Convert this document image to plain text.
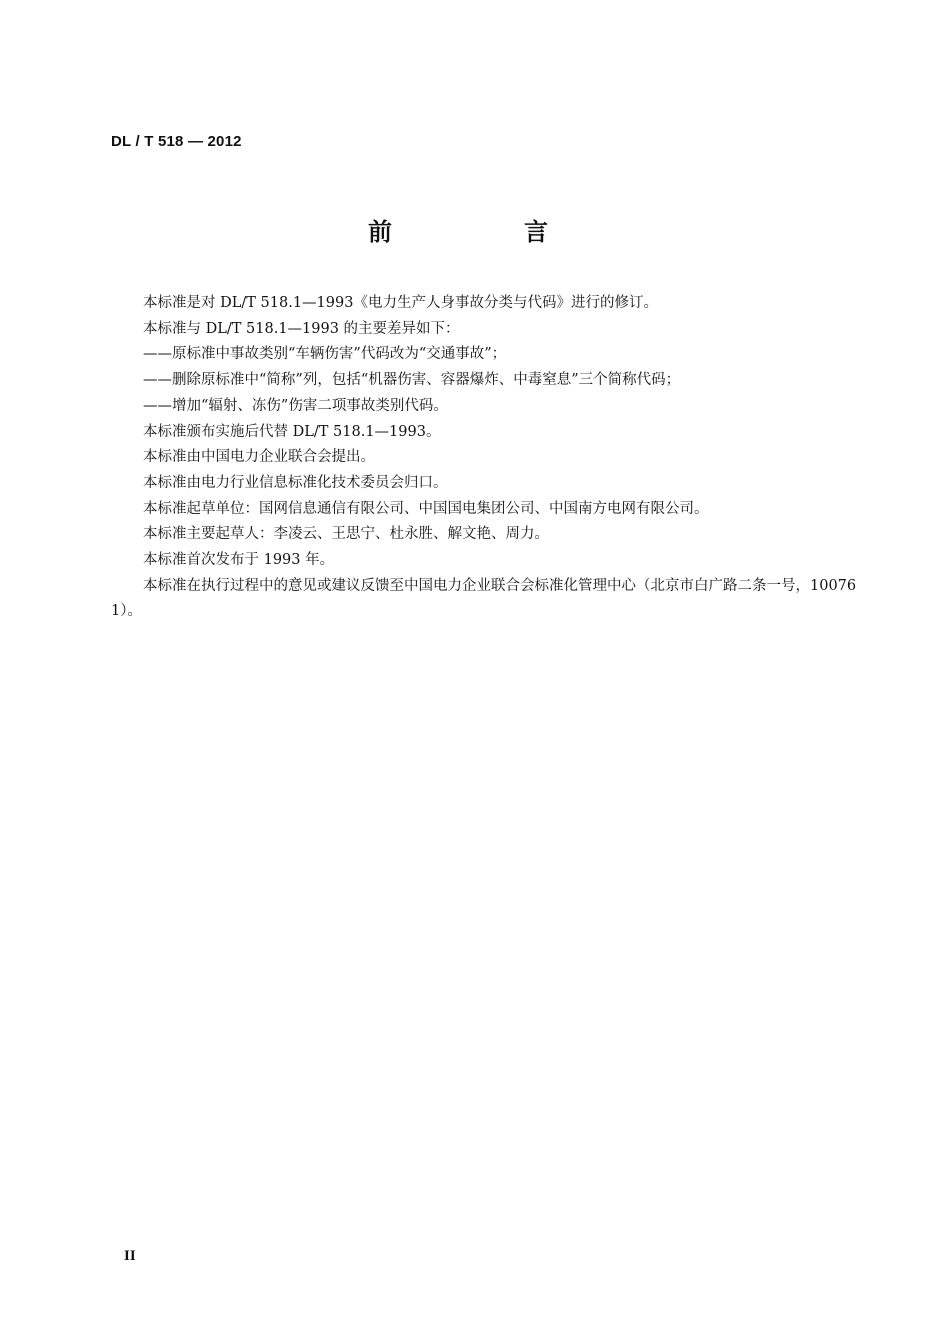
DL / T 518 — 2012
前　言

本标准是对 DL/T 518.1—1993《电力生产人身事故分类与代码》进行的修订。

本标准与 DL/T 518.1—1993 的主要差异如下：

——原标准中事故类别“车辆伤害”代码改为“交通事故”；

——删除原标准中“简称”列，包括“机器伤害、容器爆炸、中毒窒息”三个简称代码；

——增加“辐射、冻伤”伤害二项事故类别代码。

本标准颁布实施后代替 DL/T 518.1—1993。

本标准由中国电力企业联合会提出。

本标准由电力行业信息标准化技术委员会归口。

本标准起草单位：国网信息通信有限公司、中国国电集团公司、中国南方电网有限公司。

本标准主要起草人：李凌云、王思宁、杜永胜、解文艳、周力。

本标准首次发布于 1993 年。

本标准在执行过程中的意见或建议反馈至中国电力企业联合会标准化管理中心（北京市白广路二条一号，100761）。

II
